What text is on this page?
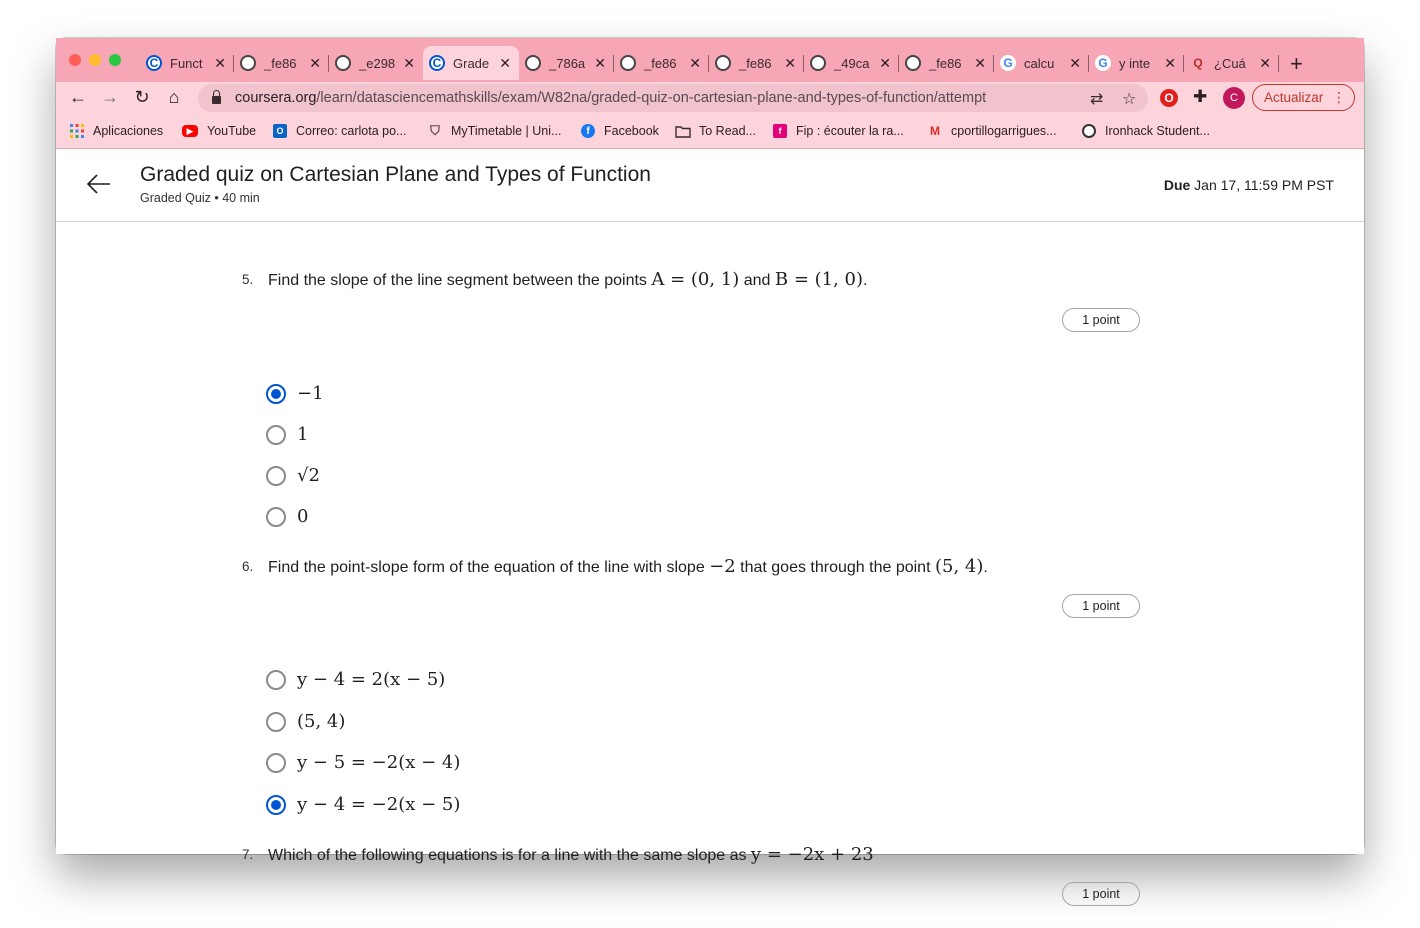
C Funct ✕	_fe86 ✕	_e298 ✕	C Grade ✕	_786a ✕	_fe86 ✕	_fe86 ✕	_49ca ✕	_fe86 ✕ G calcu ✕ G y inte ✕ Q ¿Cuá ✕ +
← → ↻	⌂	coursera.org /learn/datasciencemathskills/exam/W82na/graded-quiz-on-cartesian-plane-and-types-of-function/attempt	⇄ ☆	O ✚	C	Actualizar ⋮
Aplicaciones	▶	YouTube	O Correo: carlota po... ⛉ MyTimetable | Uni...	f	Facebook	To Read...	f	Fip : écouter la ra... M cportillogarrigues...	Ironhack Student...
Graded quiz on Cartesian Plane and Types of Function
Graded Quiz • 40 min
Due Jan 17, 11:59 PM PST
5. Find the slope of the line segment between the points A = (0, 1) and B = (1, 0).
1 point
−1
1
√2
0
6. Find the point-slope form of the equation of the line with slope −2 that goes through the point (5, 4).
1 point
y − 4 = 2(x − 5)
(5, 4)
y − 5 = −2(x − 4)
y − 4 = −2(x − 5)
7. Which of the following equations is for a line with the same slope as y = −2x + 23
1 point
